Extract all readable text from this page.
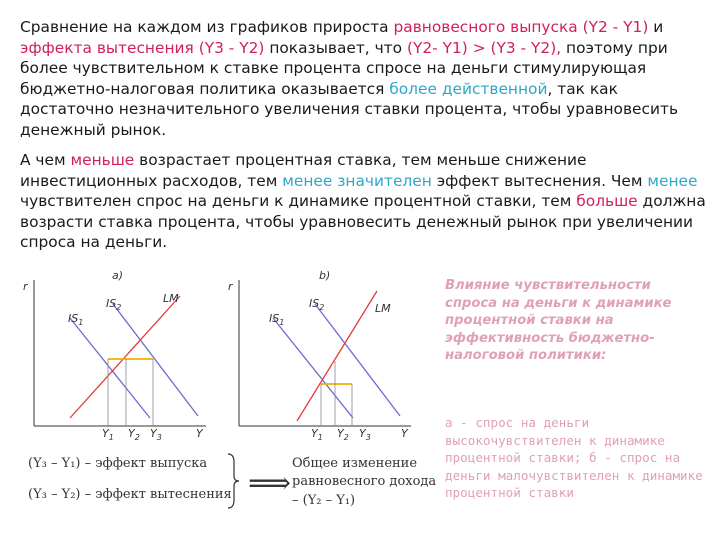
Сравнение на каждом из графиков прироста равновесного выпуска (Y2 - Y1) и эффекта вытеснения (Y3 - Y2) показывает, что (Y2- Y1) > (Y3 - Y2), поэтому при более чувствительном к ставке процента спросе на деньги стимулирующая бюджетно-налоговая политика оказывается более действенной, так как достаточно незначительного увеличения ставки процента, чтобы уравновесить денежный рынок.
А чем меньше возрастает процентная ставка, тем меньше снижение инвестиционных расходов, тем менее значителен эффект вытеснения. Чем менее чувствителен спрос на деньги к динамике процентной ставки, тем больше должна возрасти ставка процента, чтобы уравновесить денежный рынок при увеличении спроса на деньги.
r
а)
$IS_1$
$IS_2$
LM
$Y_1$ $Y_2$ $Y_3$	Y
r
b)
$IS_1$
$IS_2$	LM
$Y_1$ $Y_2$ $Y_3$	Y
Влияние чувствительности спроса на деньги к динамике процентной ставки на эффективность бюджетно-налоговой политики:
а - спрос на деньги высокочувствителен к динамике процентной ставки; б - спрос на деньги малочувствителен к динамике процентной ставки
(Y₃ – Y₁) – эффект выпуска
(Y₃ – Y₂) – эффект вытеснения ⟹
Общее изменение
равновесного дохода
– (Y₂ – Y₁)
